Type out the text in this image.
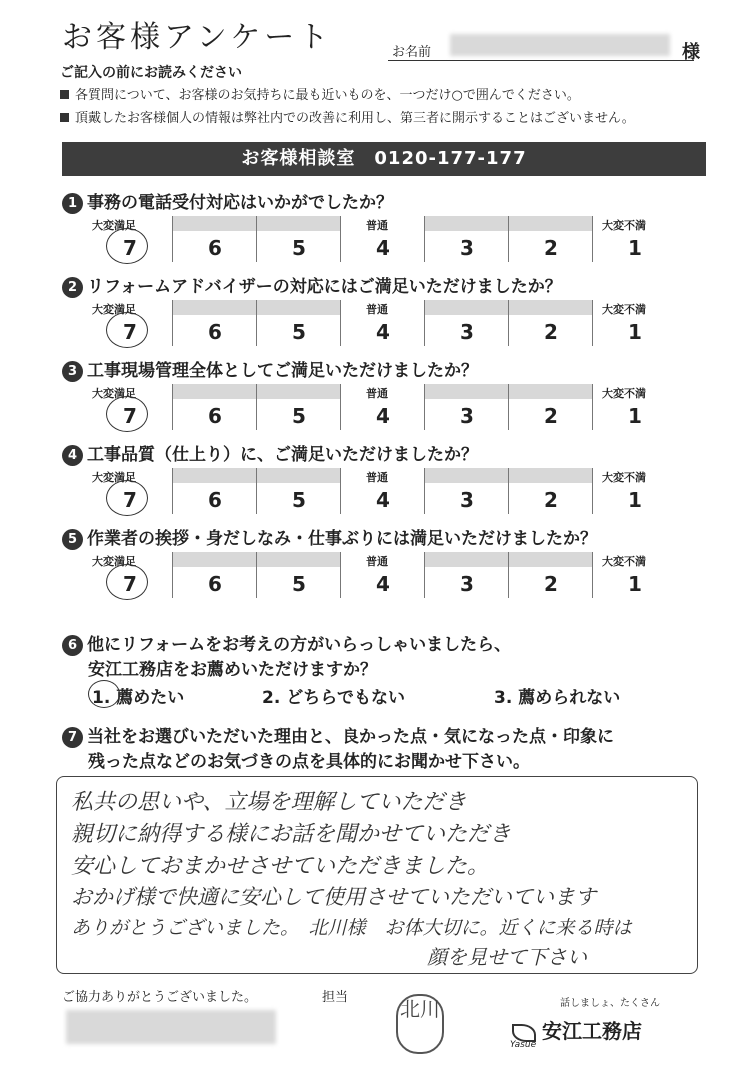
お客様アンケート	お名前	様
ご記入の前にお読みください
各質問について、お客様のお気持ちに最も近いものを、一つだけ○で囲んでください。
頂戴したお客様個人の情報は弊社内での改善に利用し、第三者に開示することはございません。
お客様相談室　0120-177-177
1 事務の電話受付対応はいかがでしたか？
7	6	5	4	3	2	1
大変満足	普通	大変不満
2 リフォームアドバイザーの対応にはご満足いただけましたか？
7	6	5	4	3	2	1
大変満足	普通	大変不満
3 工事現場管理全体としてご満足いただけましたか？
7	6	5	4	3	2	1
大変満足	普通	大変不満
4 工事品質（仕上り）に、ご満足いただけましたか？
7	6	5	4	3	2	1
大変満足	普通	大変不満
5 作業者の挨拶・身だしなみ・仕事ぶりには満足いただけましたか？
7	6	5	4	3	2	1
大変満足	普通	大変不満
6 他にリフォームをお考えの方がいらっしゃいましたら、
安江工務店をお薦めいただけますか？
1. 薦めたい	2. どちらでもない	3. 薦められない
7 当社をお選びいただいた理由と、良かった点・気になった点・印象に
残った点などのお気づきの点を具体的にお聞かせ下さい。
私共の思いや、立場を理解していただき
親切に納得する様にお話を聞かせていただき
安心しておまかせさせていただきました。
おかげ様で快適に安心して使用させていただいています
ありがとうございました。　北川様　お体大切に。近くに来る時は
顔を見せて下さい
ご協力ありがとうございました。	担当	北川	話しましょ、たくさん
安江工務店
Yasué
